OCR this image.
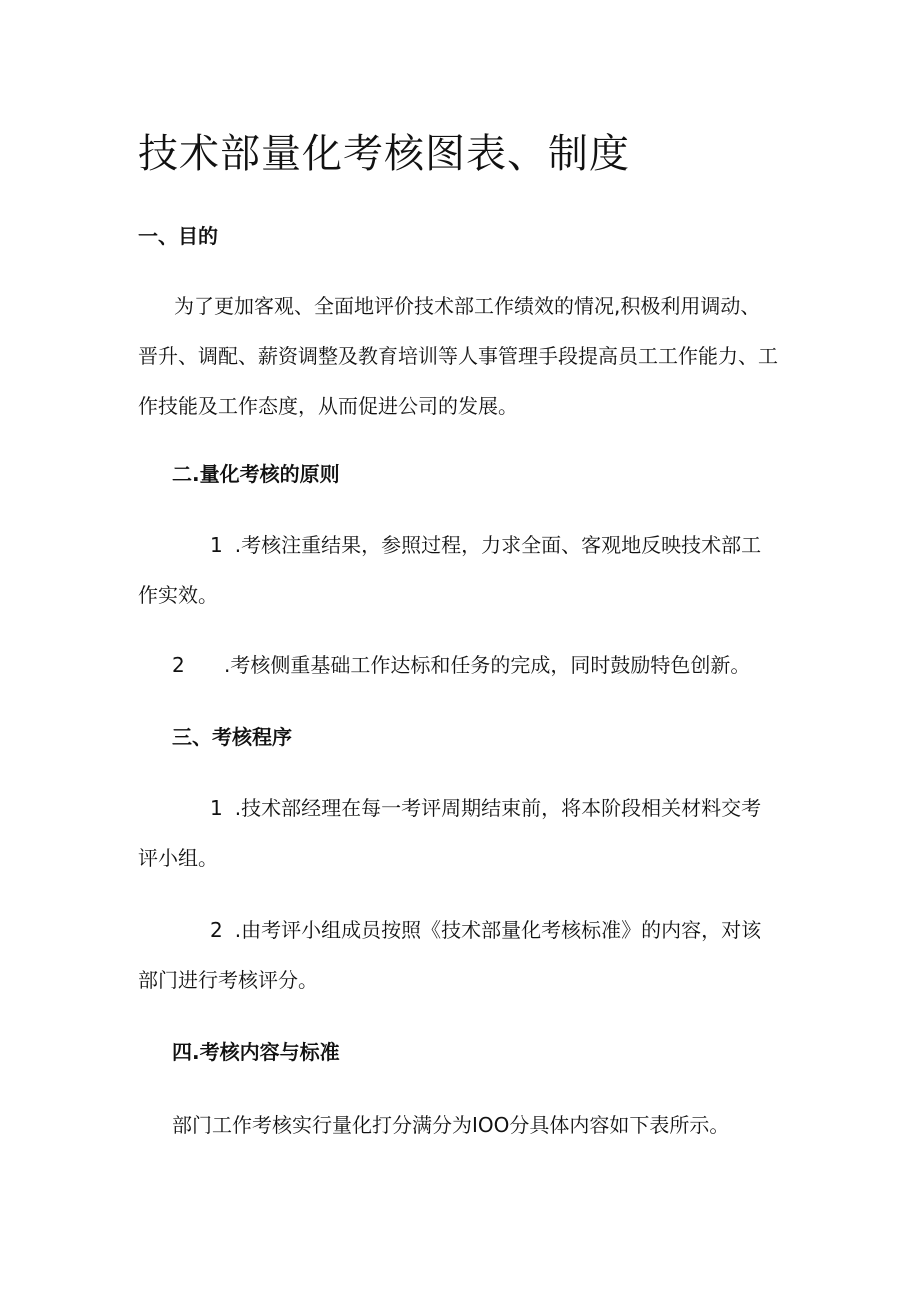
技术部量化考核图表、制度
一、目的

为了更加客观、全面地评价技术部工作绩效的情况,积极利用调动、晋升、调配、薪资调整及教育培训等人事管理手段提高员工工作能力、工作技能及工作态度，从而促进公司的发展。

二.量化考核的原则

1 .考核注重结果，参照过程，力求全面、客观地反映技术部工作实效。

2 .考核侧重基础工作达标和任务的完成，同时鼓励特色创新。

三、考核程序

1 .技术部经理在每一考评周期结束前，将本阶段相关材料交考评小组。

2 .由考评小组成员按照《技术部量化考核标准》的内容，对该部门进行考核评分。

四.考核内容与标准

部门工作考核实行量化打分满分为IOO分具体内容如下表所示。
